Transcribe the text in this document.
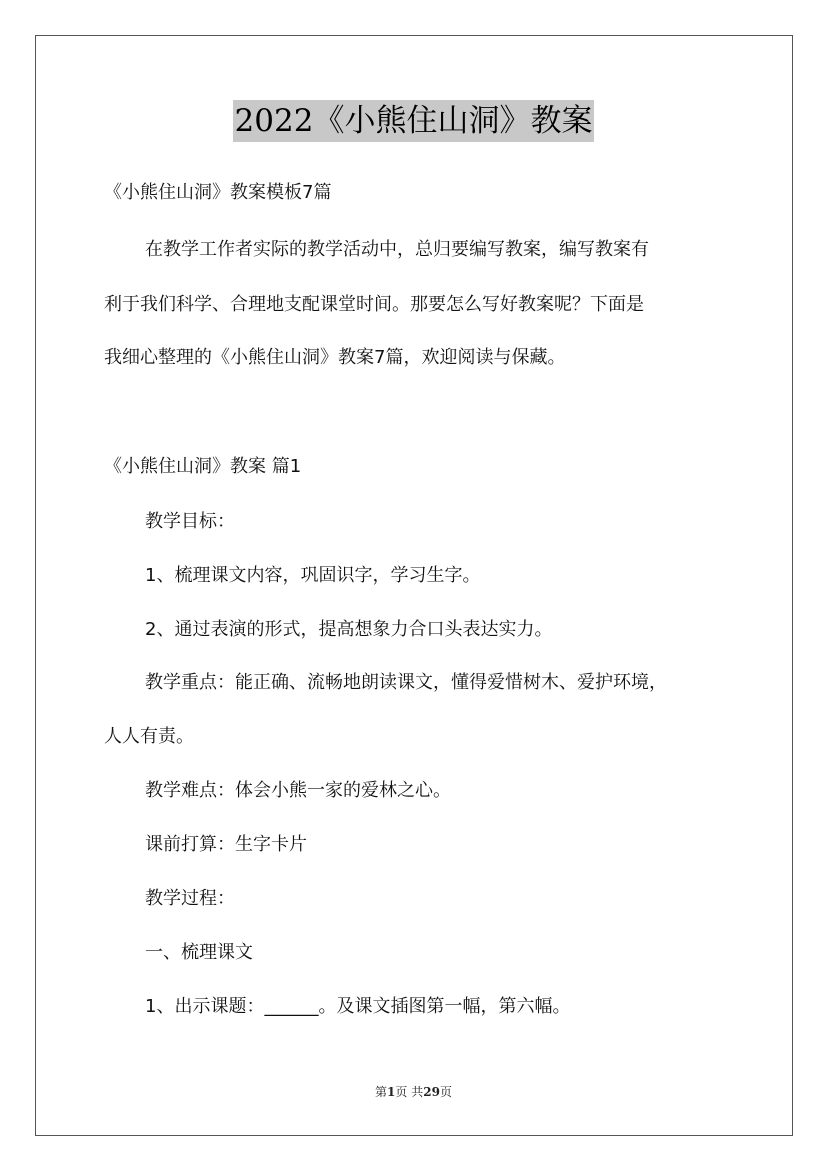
2022《小熊住山洞》教案
《小熊住山洞》教案模板7篇
在教学工作者实际的教学活动中，总归要编写教案，编写教案有
利于我们科学、合理地支配课堂时间。那要怎么写好教案呢？下面是
我细心整理的《小熊住山洞》教案7篇，欢迎阅读与保藏。
《小熊住山洞》教案 篇1
教学目标：
1、梳理课文内容，巩固识字，学习生字。
2、通过表演的形式，提高想象力合口头表达实力。
教学重点：能正确、流畅地朗读课文，懂得爱惜树木、爱护环境，
人人有责。
教学难点：体会小熊一家的爱林之心。
课前打算：生字卡片
教学过程：
一、梳理课文
1、出示课题：______。及课文插图第一幅，第六幅。
第1页 共29页
